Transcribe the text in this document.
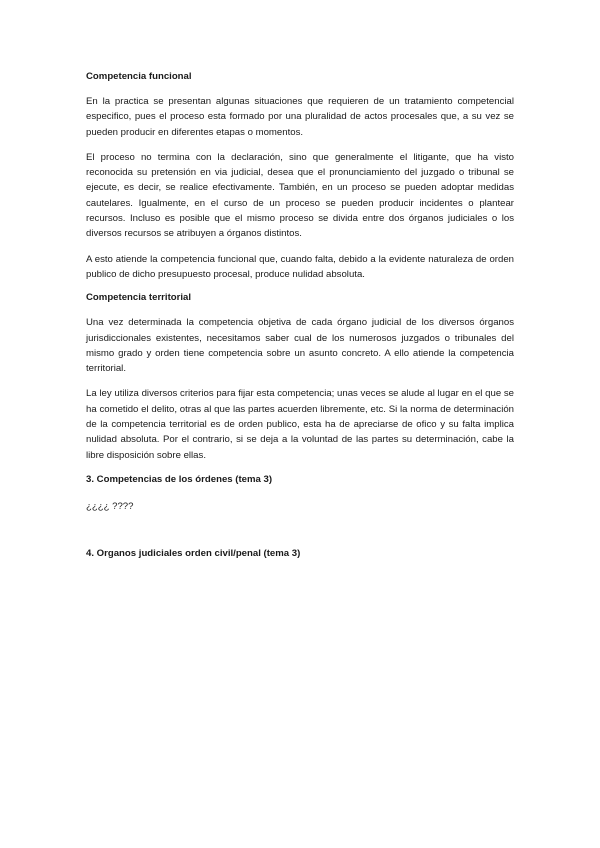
Competencia funcional

En la practica se presentan algunas situaciones que requieren de un tratamiento competencial especifico, pues el proceso esta formado por una pluralidad de actos procesales que, a su vez se pueden producir en diferentes etapas o momentos.

El proceso no termina con la declaración, sino que generalmente el litigante, que ha visto reconocida su pretensión en via judicial, desea que el pronunciamiento del juzgado o tribunal se ejecute, es decir, se realice efectivamente. También, en un proceso se pueden adoptar medidas cautelares. Igualmente, en el curso de un proceso se pueden producir incidentes o plantear recursos. Incluso es posible que el mismo proceso se divida entre dos órganos judiciales o los diversos recursos se atribuyen a órganos distintos.

A esto atiende la competencia funcional que, cuando falta, debido a la evidente naturaleza de orden publico de dicho presupuesto procesal, produce nulidad absoluta.

Competencia territorial

Una vez determinada la competencia objetiva de cada órgano judicial de los diversos órganos jurisdiccionales existentes, necesitamos saber cual de los numerosos juzgados o tribunales del mismo grado y orden tiene competencia sobre un asunto concreto. A ello atiende la competencia territorial.

La ley utiliza diversos criterios para fijar esta competencia; unas veces se alude al lugar en el que se ha cometido el delito, otras al que las partes acuerden libremente, etc. Si la norma de determinación de la competencia territorial es de orden publico, esta ha de apreciarse de ofico y su falta implica nulidad absoluta. Por el contrario, si se deja a la voluntad de las partes su determinación, cabe la libre disposición sobre ellas.

3. Competencias de los órdenes (tema 3)

¿¿¿¿ ????

4. Organos judiciales orden civil/penal (tema 3)
